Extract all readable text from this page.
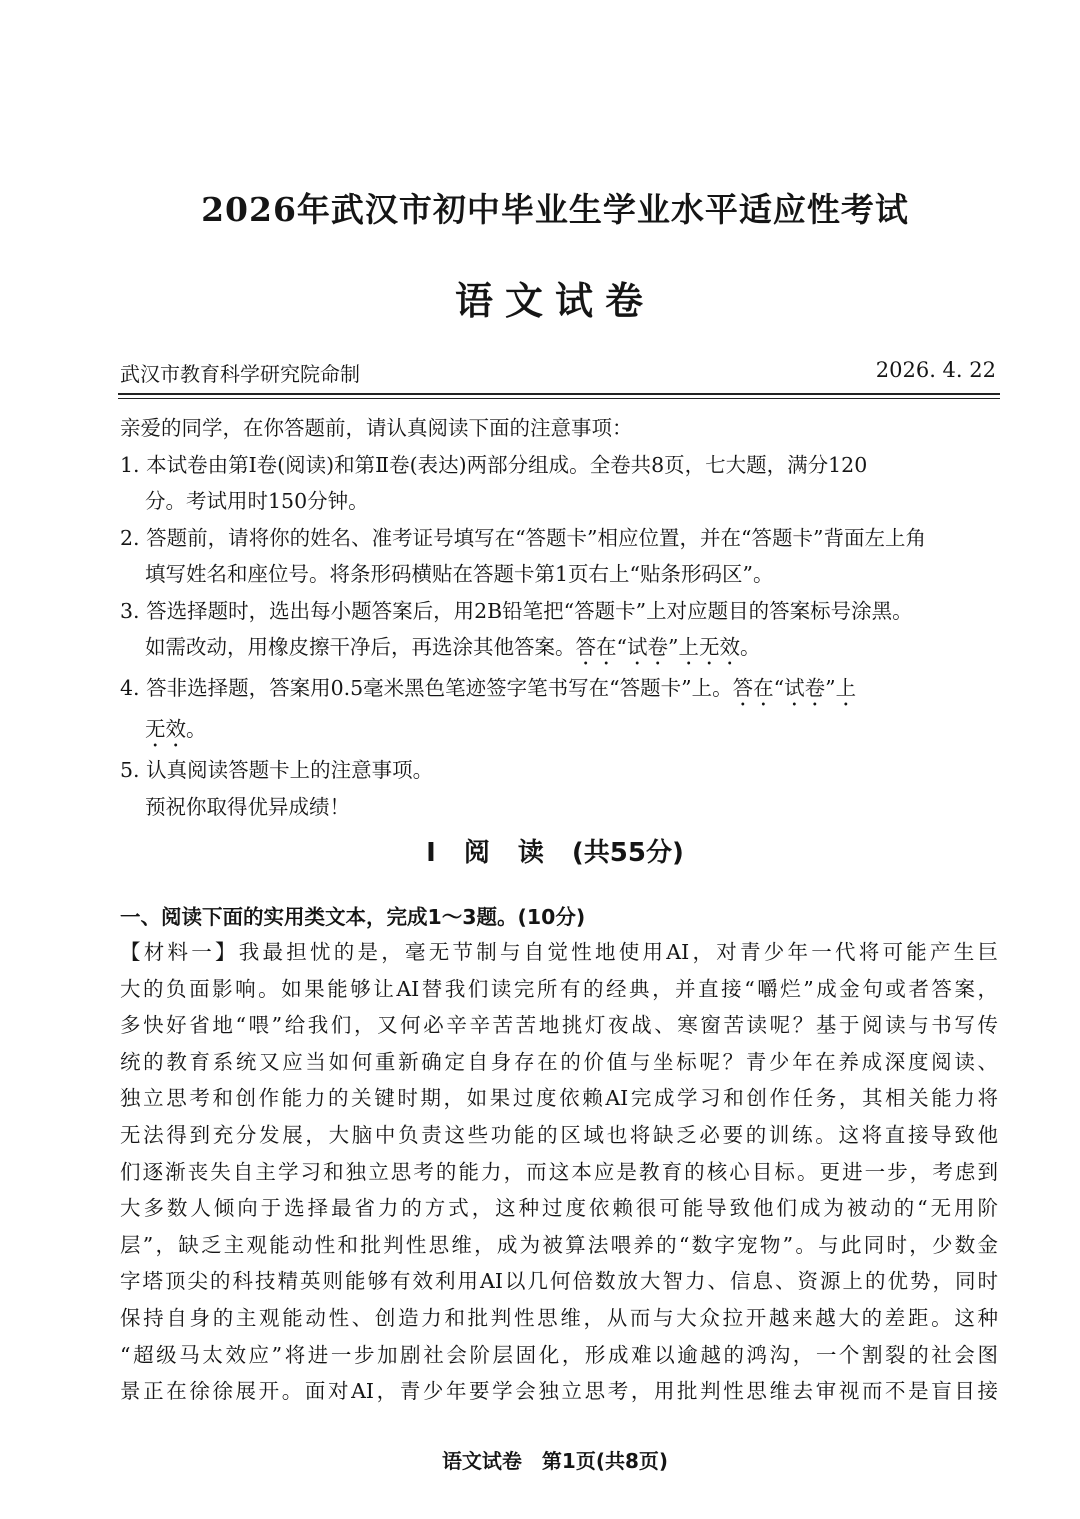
2026年武汉市初中毕业生学业水平适应性考试
语文试卷
武汉市教育科学研究院命制	2026. 4. 22
亲爱的同学，在你答题前，请认真阅读下面的注意事项：
1. 本试卷由第Ⅰ卷(阅读)和第Ⅱ卷(表达)两部分组成。全卷共8页，七大题，满分120
分。考试用时150分钟。
2. 答题前，请将你的姓名、准考证号填写在“答题卡”相应位置，并在“答题卡”背面左上角
填写姓名和座位号。将条形码横贴在答题卡第1页右上“贴条形码区”。
3. 答选择题时，选出每小题答案后，用2B铅笔把“答题卡”上对应题目的答案标号涂黑。
如需改动，用橡皮擦干净后，再选涂其他答案。答在“试卷”上无效。
4. 答非选择题，答案用0.5毫米黑色笔迹签字笔书写在“答题卡”上。答在“试卷”上
无效。
5. 认真阅读答题卡上的注意事项。
预祝你取得优异成绩！
Ⅰ 阅 读 (共55分)
一、阅读下面的实用类文本，完成1～3题。(10分)
【材料一】我最担忧的是，毫无节制与自觉性地使用AI，对青少年一代将可能产生巨
大的负面影响。如果能够让AI替我们读完所有的经典，并直接“嚼烂”成金句或者答案，
多快好省地“喂”给我们，又何必辛辛苦苦地挑灯夜战、寒窗苦读呢？基于阅读与书写传
统的教育系统又应当如何重新确定自身存在的价值与坐标呢？青少年在养成深度阅读、
独立思考和创作能力的关键时期，如果过度依赖AI完成学习和创作任务，其相关能力将
无法得到充分发展，大脑中负责这些功能的区域也将缺乏必要的训练。这将直接导致他
们逐渐丧失自主学习和独立思考的能力，而这本应是教育的核心目标。更进一步，考虑到
大多数人倾向于选择最省力的方式，这种过度依赖很可能导致他们成为被动的“无用阶
层”，缺乏主观能动性和批判性思维，成为被算法喂养的“数字宠物”。与此同时，少数金
字塔顶尖的科技精英则能够有效利用AI以几何倍数放大智力、信息、资源上的优势，同时
保持自身的主观能动性、创造力和批判性思维，从而与大众拉开越来越大的差距。这种
“超级马太效应”将进一步加剧社会阶层固化，形成难以逾越的鸿沟，一个割裂的社会图
景正在徐徐展开。面对AI，青少年要学会独立思考，用批判性思维去审视而不是盲目接
语文试卷　第1页(共8页)
